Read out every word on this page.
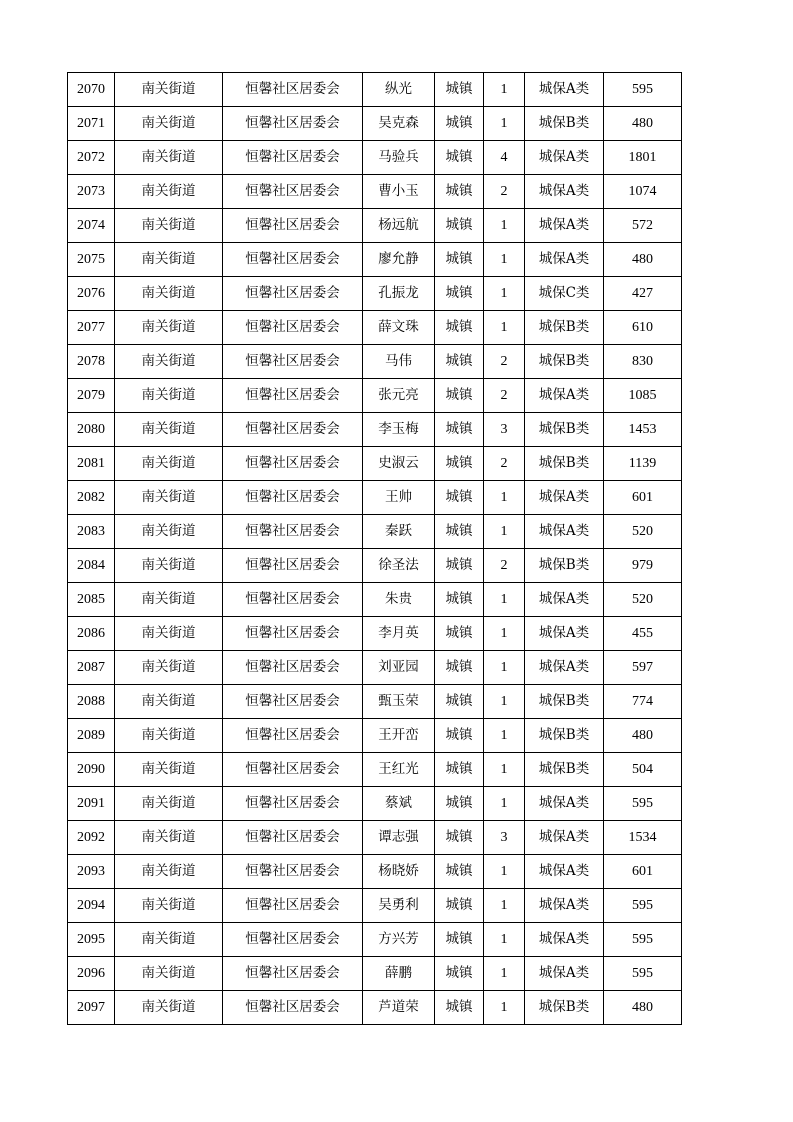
2070	南关街道	恒馨社区居委会	纵光	城镇	1	城保A类	595
2071	南关街道	恒馨社区居委会	吴克森	城镇	1	城保B类	480
2072	南关街道	恒馨社区居委会	马验兵	城镇	4	城保A类	1801
2073	南关街道	恒馨社区居委会	曹小玉	城镇	2	城保A类	1074
2074	南关街道	恒馨社区居委会	杨远航	城镇	1	城保A类	572
2075	南关街道	恒馨社区居委会	廖允静	城镇	1	城保A类	480
2076	南关街道	恒馨社区居委会	孔振龙	城镇	1	城保C类	427
2077	南关街道	恒馨社区居委会	薛文珠	城镇	1	城保B类	610
2078	南关街道	恒馨社区居委会	马伟	城镇	2	城保B类	830
2079	南关街道	恒馨社区居委会	张元亮	城镇	2	城保A类	1085
2080	南关街道	恒馨社区居委会	李玉梅	城镇	3	城保B类	1453
2081	南关街道	恒馨社区居委会	史淑云	城镇	2	城保B类	1139
2082	南关街道	恒馨社区居委会	王帅	城镇	1	城保A类	601
2083	南关街道	恒馨社区居委会	秦跃	城镇	1	城保A类	520
2084	南关街道	恒馨社区居委会	徐圣法	城镇	2	城保B类	979
2085	南关街道	恒馨社区居委会	朱贵	城镇	1	城保A类	520
2086	南关街道	恒馨社区居委会	李月英	城镇	1	城保A类	455
2087	南关街道	恒馨社区居委会	刘亚园	城镇	1	城保A类	597
2088	南关街道	恒馨社区居委会	甄玉荣	城镇	1	城保B类	774
2089	南关街道	恒馨社区居委会	王开峦	城镇	1	城保B类	480
2090	南关街道	恒馨社区居委会	王红光	城镇	1	城保B类	504
2091	南关街道	恒馨社区居委会	蔡斌	城镇	1	城保A类	595
2092	南关街道	恒馨社区居委会	谭志强	城镇	3	城保A类	1534
2093	南关街道	恒馨社区居委会	杨晓娇	城镇	1	城保A类	601
2094	南关街道	恒馨社区居委会	吴勇利	城镇	1	城保A类	595
2095	南关街道	恒馨社区居委会	方兴芳	城镇	1	城保A类	595
2096	南关街道	恒馨社区居委会	薛鹏	城镇	1	城保A类	595
2097	南关街道	恒馨社区居委会	芦道荣	城镇	1	城保B类	480
